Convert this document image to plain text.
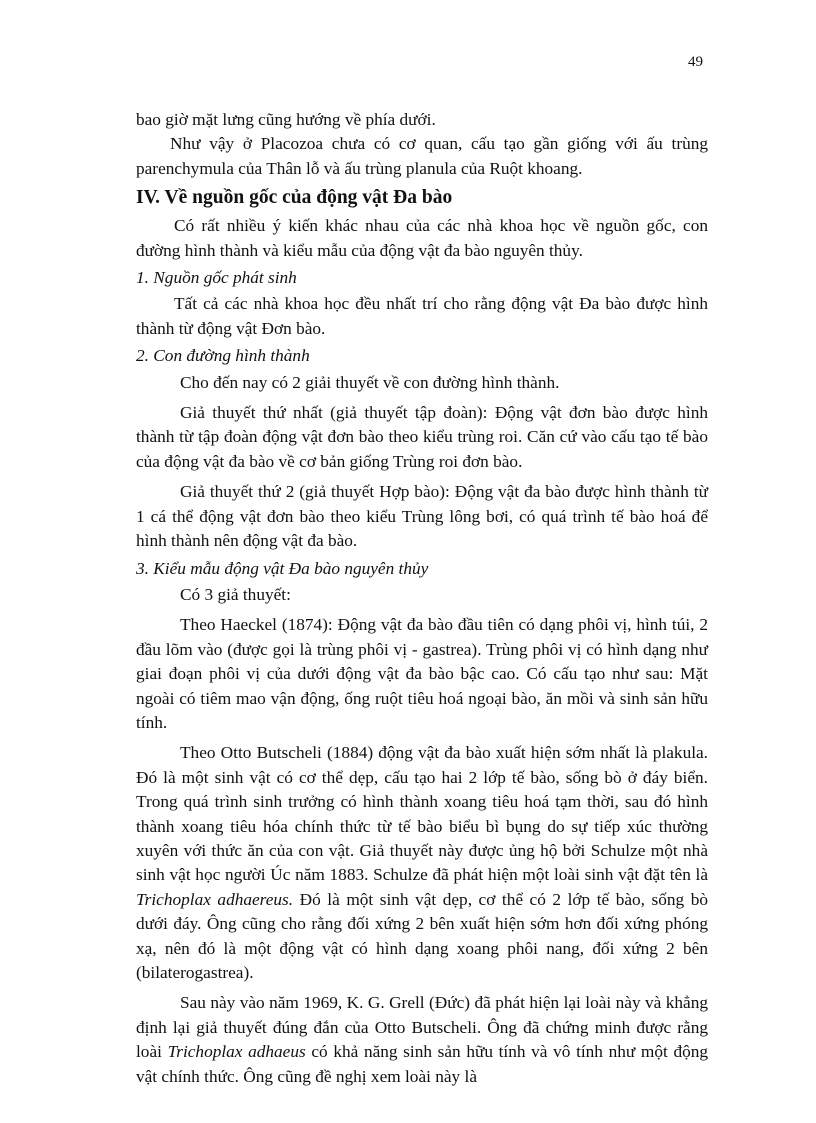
49

bao giờ mặt lưng cũng hướng về phía dưới.

Như vậy ở Placozoa chưa có cơ quan, cấu tạo gần giống với ấu trùng parenchymula của Thân lỗ và ấu trùng planula của Ruột khoang.

IV. Về nguồn gốc của động vật Đa bào

Có rất nhiều ý kiến khác nhau của các nhà khoa học về nguồn gốc, con đường hình thành và kiểu mẫu của động vật đa bào nguyên thủy.

1. Nguồn gốc phát sinh

Tất cả các nhà khoa học đều nhất trí cho rằng động vật Đa bào được hình thành từ động vật Đơn bào.

2. Con đường hình thành

Cho đến nay có 2 giải thuyết về con đường hình thành.

Giả thuyết thứ nhất (giả thuyết tập đoàn): Động vật đơn bào được hình thành từ tập đoàn động vật đơn bào theo kiểu trùng roi. Căn cứ vào cấu tạo tế bào của động vật đa bào về cơ bản giống Trùng roi đơn bào.

Giả thuyết thứ 2 (giả thuyết Hợp bào): Động vật đa bào được hình thành từ 1 cá thể động vật đơn bào theo kiểu Trùng lông bơi, có quá trình tế bào hoá để hình thành nên động vật đa bào.

3. Kiểu mẫu động vật Đa bào nguyên thủy

Có 3 giả thuyết:

Theo Haeckel (1874): Động vật đa bào đầu tiên có dạng phôi vị, hình túi, 2 đầu lõm vào (được gọi là trùng phôi vị - gastrea). Trùng phôi vị có hình dạng như giai đoạn phôi vị của dưới động vật đa bào bậc cao. Có cấu tạo như sau: Mặt ngoài có tiêm mao vận động, ống ruột tiêu hoá ngoại bào, ăn mồi và sinh sản hữu tính.

Theo Otto Butscheli (1884) động vật đa bào xuất hiện sớm nhất là plakula. Đó là một sinh vật có cơ thể dẹp, cấu tạo hai 2 lớp tế bào, sống bò ở đáy biển. Trong quá trình sinh trưởng có hình thành xoang tiêu hoá tạm thời, sau đó hình thành xoang tiêu hóa chính thức từ tế bào biểu bì bụng do sự tiếp xúc thường xuyên với thức ăn của con vật. Giả thuyết này được ủng hộ bởi Schulze một nhà sinh vật học người Úc năm 1883. Schulze đã phát hiện một loài sinh vật đặt tên là Trichoplax adhaereus. Đó là một sinh vật dẹp, cơ thể có 2 lớp tế bào, sống bò dưới đáy. Ông cũng cho rằng đối xứng 2 bên xuất hiện sớm hơn đối xứng phóng xạ, nên đó là một động vật có hình dạng xoang phôi nang, đối xứng 2 bên (bilaterogastrea).

Sau này vào năm 1969, K. G. Grell (Đức) đã phát hiện lại loài này và khẳng định lại giả thuyết đúng đắn của Otto Butscheli. Ông đã chứng minh được rằng loài Trichoplax adhaeus có khả năng sinh sản hữu tính và vô tính như một động vật chính thức. Ông cũng đề nghị xem loài này là
